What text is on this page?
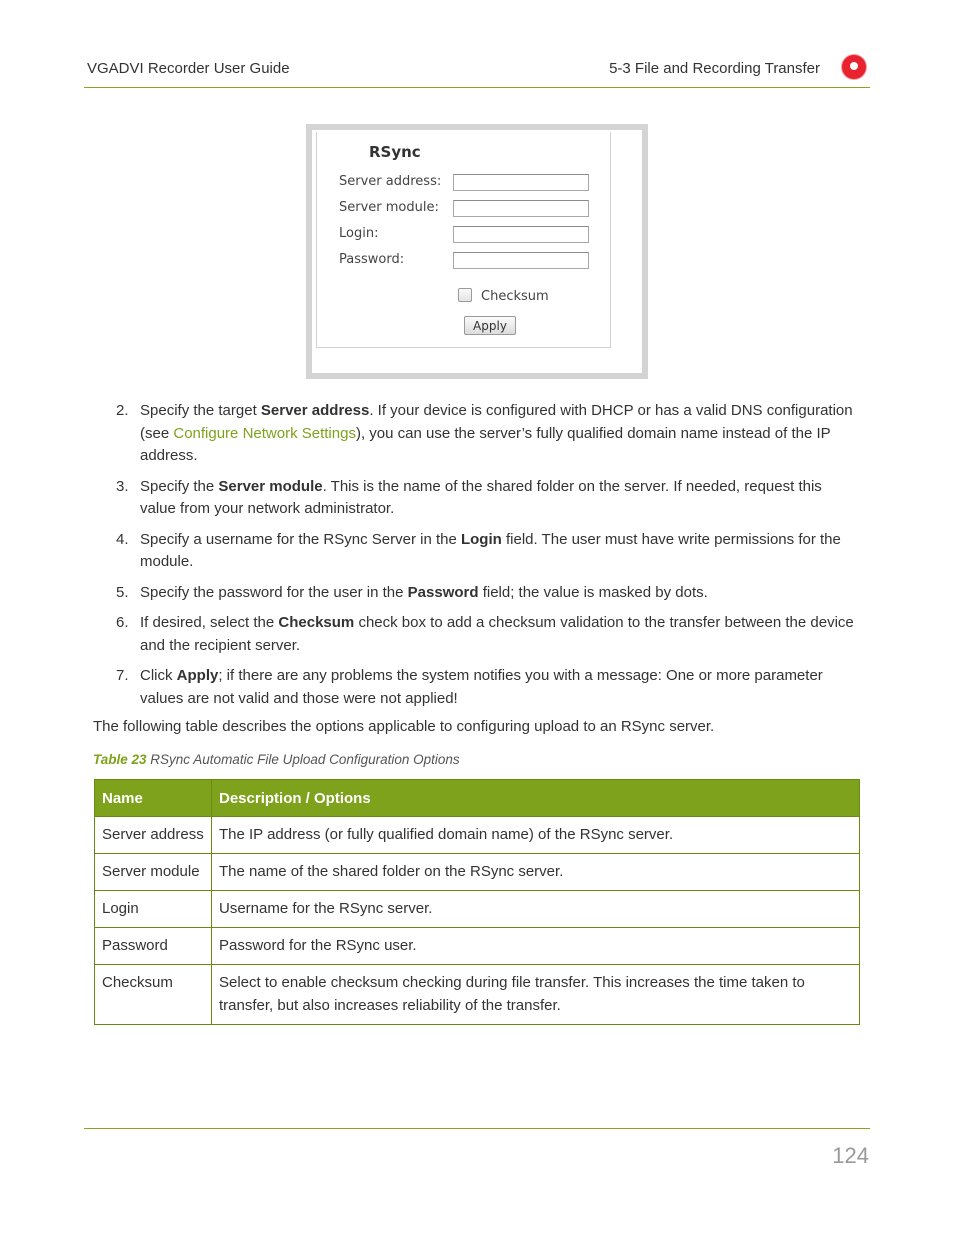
VGADVI Recorder User Guide	5-3 File and Recording Transfer
RSync
Server address:
Server module:
Login:
Password:
Checksum
Apply
2. Specify the target Server address. If your device is configured with DHCP or has a valid DNS configuration (see Configure Network Settings), you can use the server’s fully qualified domain name instead of the IP address.
3. Specify the Server module. This is the name of the shared folder on the server. If needed, request this value from your network administrator.
4. Specify a username for the RSync Server in the Login field. The user must have write permissions for the module.
5. Specify the password for the user in the Password field; the value is masked by dots.
6. If desired, select the Checksum check box to add a checksum validation to the transfer between the device and the recipient server.
7. Click Apply; if there are any problems the system notifies you with a message: One or more parameter values are not valid and those were not applied!
The following table describes the options applicable to configuring upload to an RSync server.
Table 23 RSync Automatic File Upload Configuration Options
Name	Description / Options
Server address	The IP address (or fully qualified domain name) of the RSync server.
Server module	The name of the shared folder on the RSync server.
Login	Username for the RSync server.
Password	Password for the RSync user.
Checksum	Select to enable checksum checking during file transfer. This increases the time taken to transfer, but also increases reliability of the transfer.
124
